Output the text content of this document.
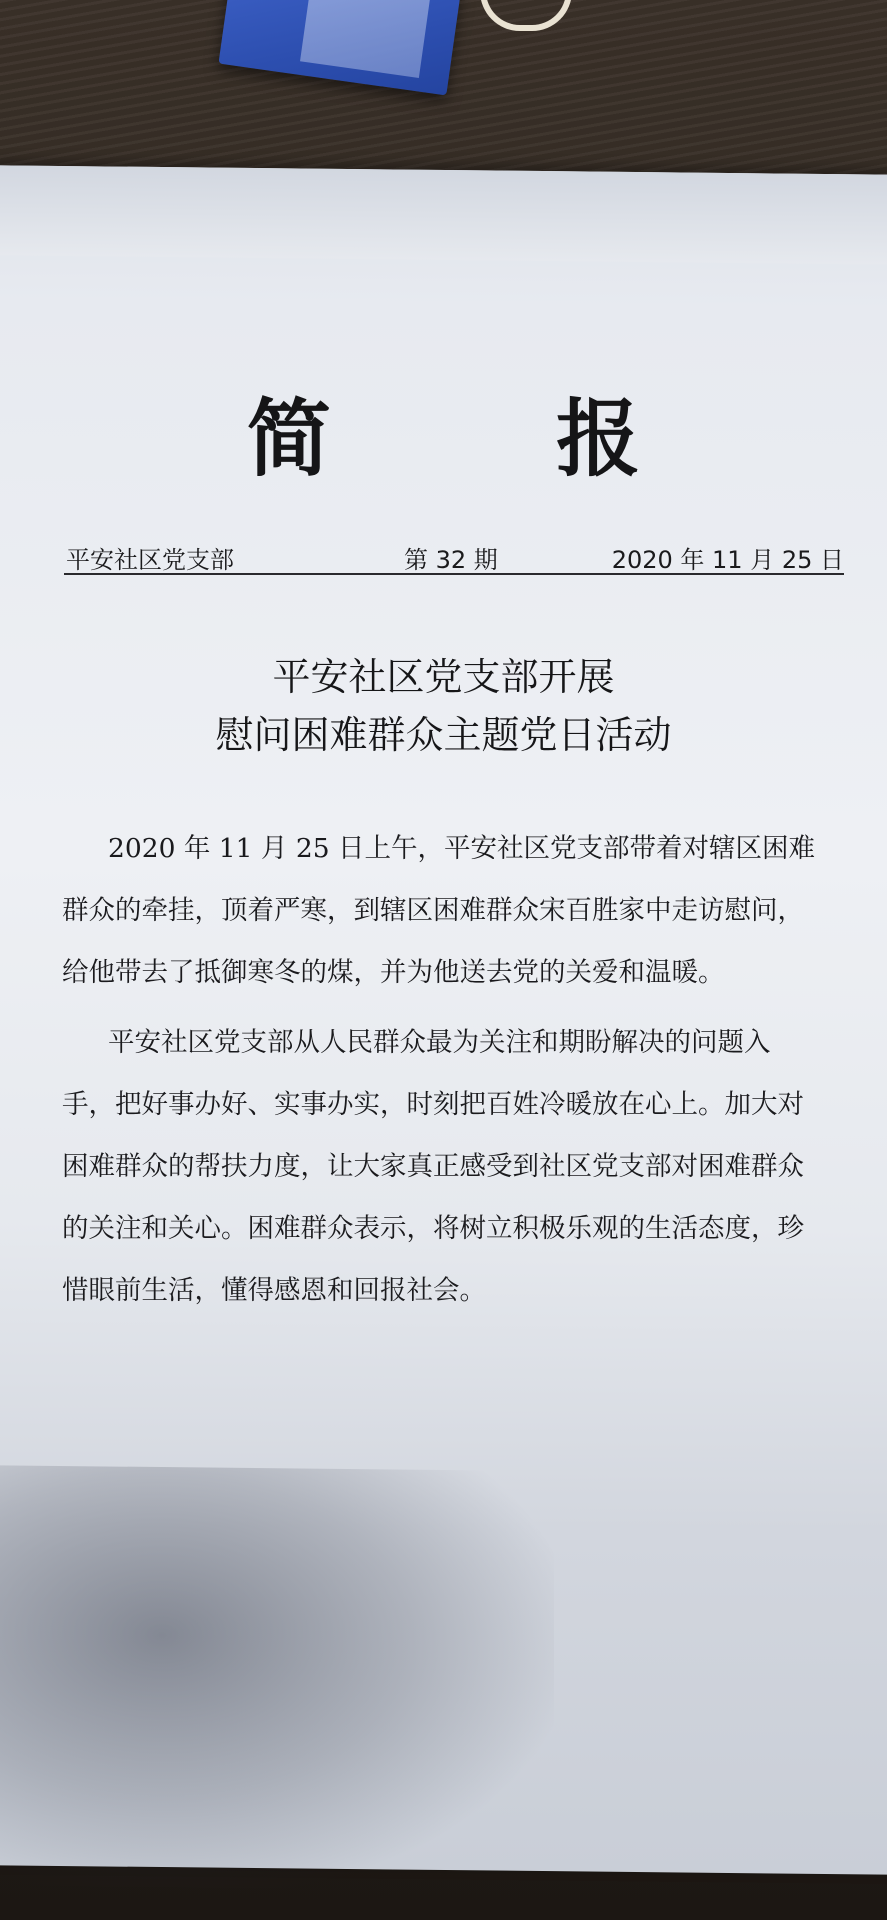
简 报
平安社区党支部	第 32 期	2020 年 11 月 25 日
平安社区党支部开展
慰问困难群众主题党日活动
2020 年 11 月 25 日上午，平安社区党支部带着对辖区困难
群众的牵挂，顶着严寒，到辖区困难群众宋百胜家中走访慰问，
给他带去了抵御寒冬的煤，并为他送去党的关爱和温暖。
平安社区党支部从人民群众最为关注和期盼解决的问题入
手，把好事办好、实事办实，时刻把百姓冷暖放在心上。加大对
困难群众的帮扶力度，让大家真正感受到社区党支部对困难群众
的关注和关心。困难群众表示，将树立积极乐观的生活态度，珍
惜眼前生活，懂得感恩和回报社会。
